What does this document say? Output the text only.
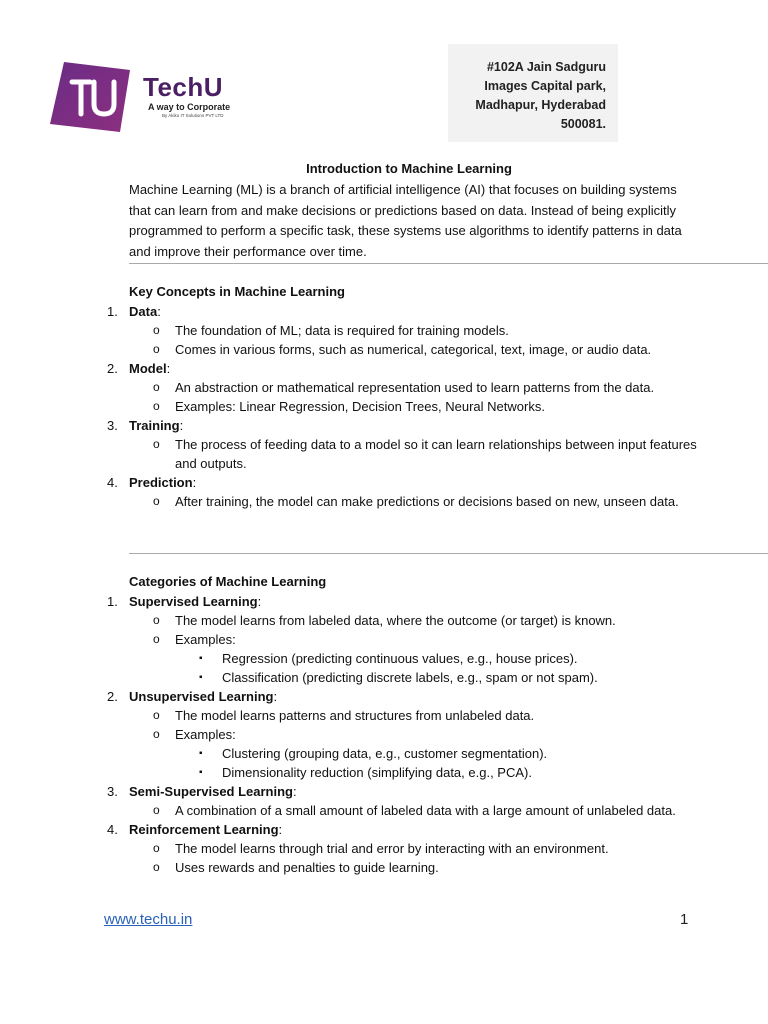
TechU
A way to Corporate
By Akiko IT Solutions PVT LTD
#102A Jain Sadguru
Images Capital park,
Madhapur, Hyderabad
500081.

Introduction to Machine Learning

Machine Learning (ML) is a branch of artificial intelligence (AI) that focuses on building systems that can learn from and make decisions or predictions based on data. Instead of being explicitly programmed to perform a specific task, these systems use algorithms to identify patterns in data and improve their performance over time.

Key Concepts in Machine Learning

1. Data:
o The foundation of ML; data is required for training models.
o Comes in various forms, such as numerical, categorical, text, image, or audio data.
2. Model:
o An abstraction or mathematical representation used to learn patterns from the data.
o Examples: Linear Regression, Decision Trees, Neural Networks.
3. Training:
o The process of feeding data to a model so it can learn relationships between input features and outputs.
4. Prediction:
o After training, the model can make predictions or decisions based on new, unseen data.

Categories of Machine Learning

1. Supervised Learning:
o The model learns from labeled data, where the outcome (or target) is known.
o Examples:
▪ Regression (predicting continuous values, e.g., house prices).
▪ Classification (predicting discrete labels, e.g., spam or not spam).
2. Unsupervised Learning:
o The model learns patterns and structures from unlabeled data.
o Examples:
▪ Clustering (grouping data, e.g., customer segmentation).
▪ Dimensionality reduction (simplifying data, e.g., PCA).
3. Semi-Supervised Learning:
o A combination of a small amount of labeled data with a large amount of unlabeled data.
4. Reinforcement Learning:
o The model learns through trial and error by interacting with an environment.
o Uses rewards and penalties to guide learning.
www.techu.in	1
